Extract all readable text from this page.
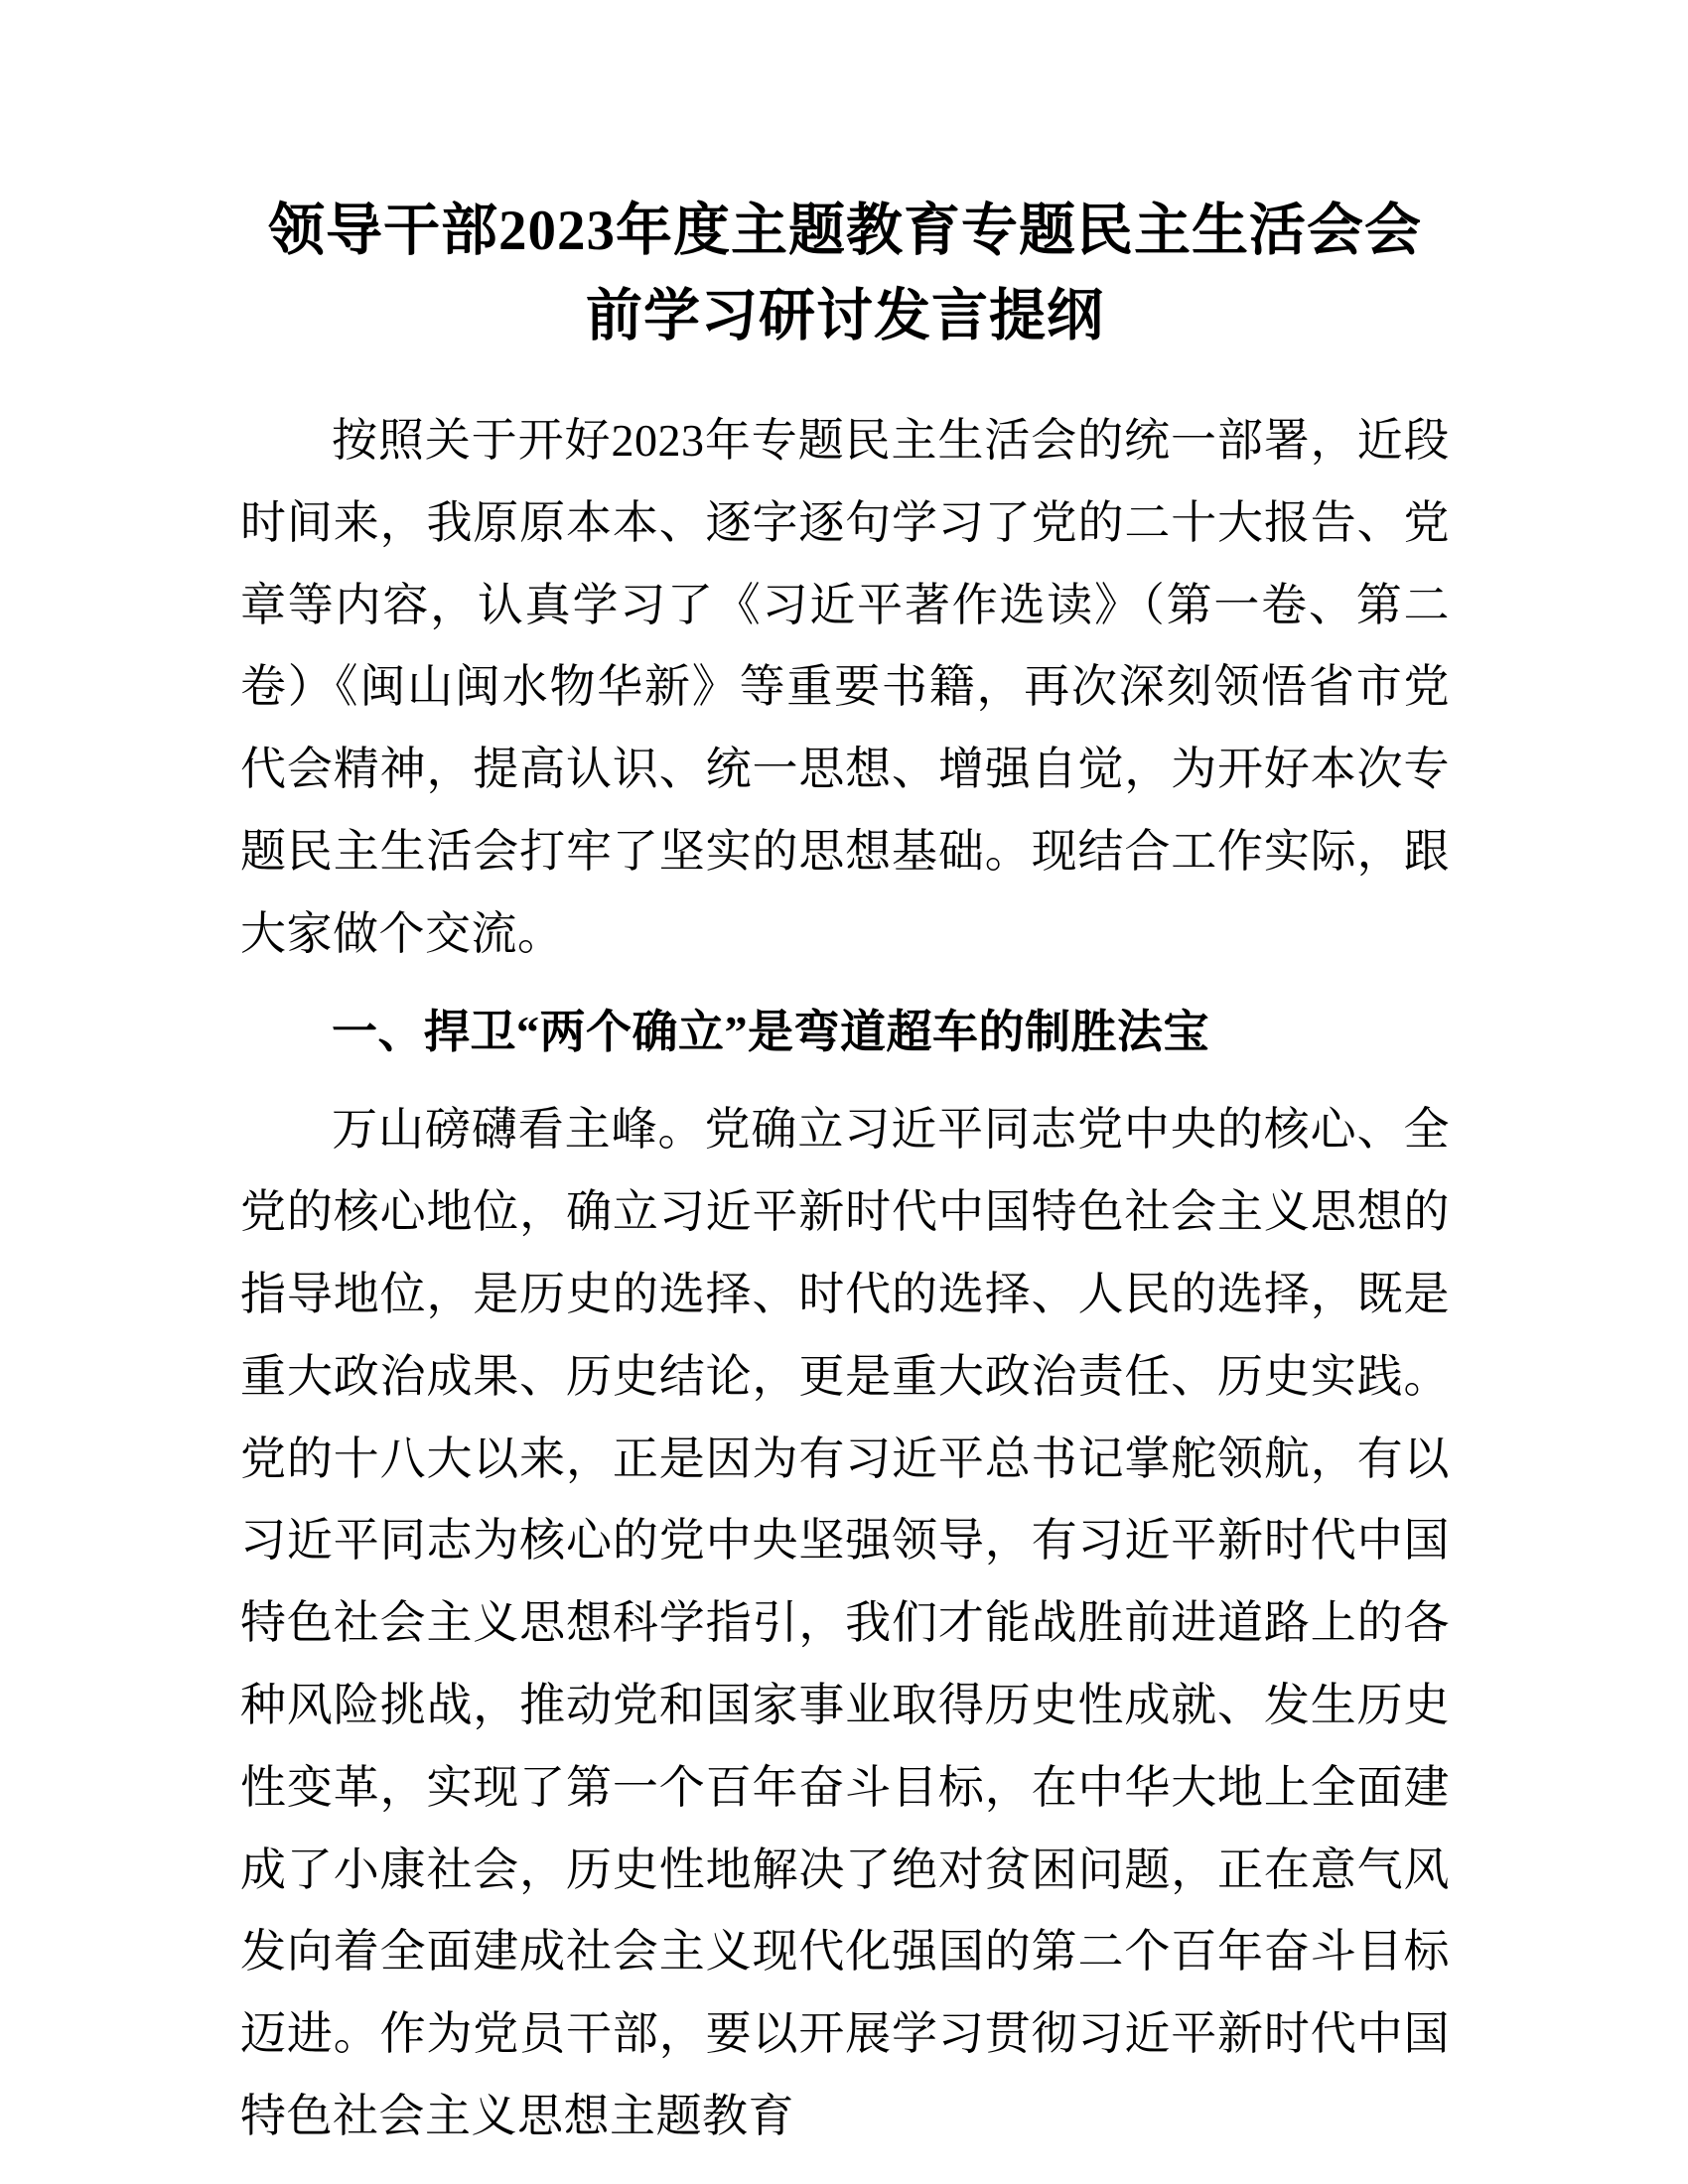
领导干部2023年度主题教育专题民主生活会会
前学习研讨发言提纲

按照关于开好2023年专题民主生活会的统一部署，近段时间来，我原原本本、逐字逐句学习了党的二十大报告、党章等内容，认真学习了《习近平著作选读》（第一卷、第二卷）《闽山闽水物华新》等重要书籍，再次深刻领悟省市党代会精神，提高认识、统一思想、增强自觉，为开好本次专题民主生活会打牢了坚实的思想基础。现结合工作实际，跟大家做个交流。

一、捍卫“两个确立”是弯道超车的制胜法宝

万山磅礴看主峰。党确立习近平同志党中央的核心、全党的核心地位，确立习近平新时代中国特色社会主义思想的指导地位，是历史的选择、时代的选择、人民的选择，既是重大政治成果、历史结论，更是重大政治责任、历史实践。党的十八大以来，正是因为有习近平总书记掌舵领航，有以习近平同志为核心的党中央坚强领导，有习近平新时代中国特色社会主义思想科学指引，我们才能战胜前进道路上的各种风险挑战，推动党和国家事业取得历史性成就、发生历史性变革，实现了第一个百年奋斗目标，在中华大地上全面建成了小康社会，历史性地解决了绝对贫困问题，正在意气风发向着全面建成社会主义现代化强国的第二个百年奋斗目标迈进。作为党员干部，要以开展学习贯彻习近平新时代中国特色社会主义思想主题教育
